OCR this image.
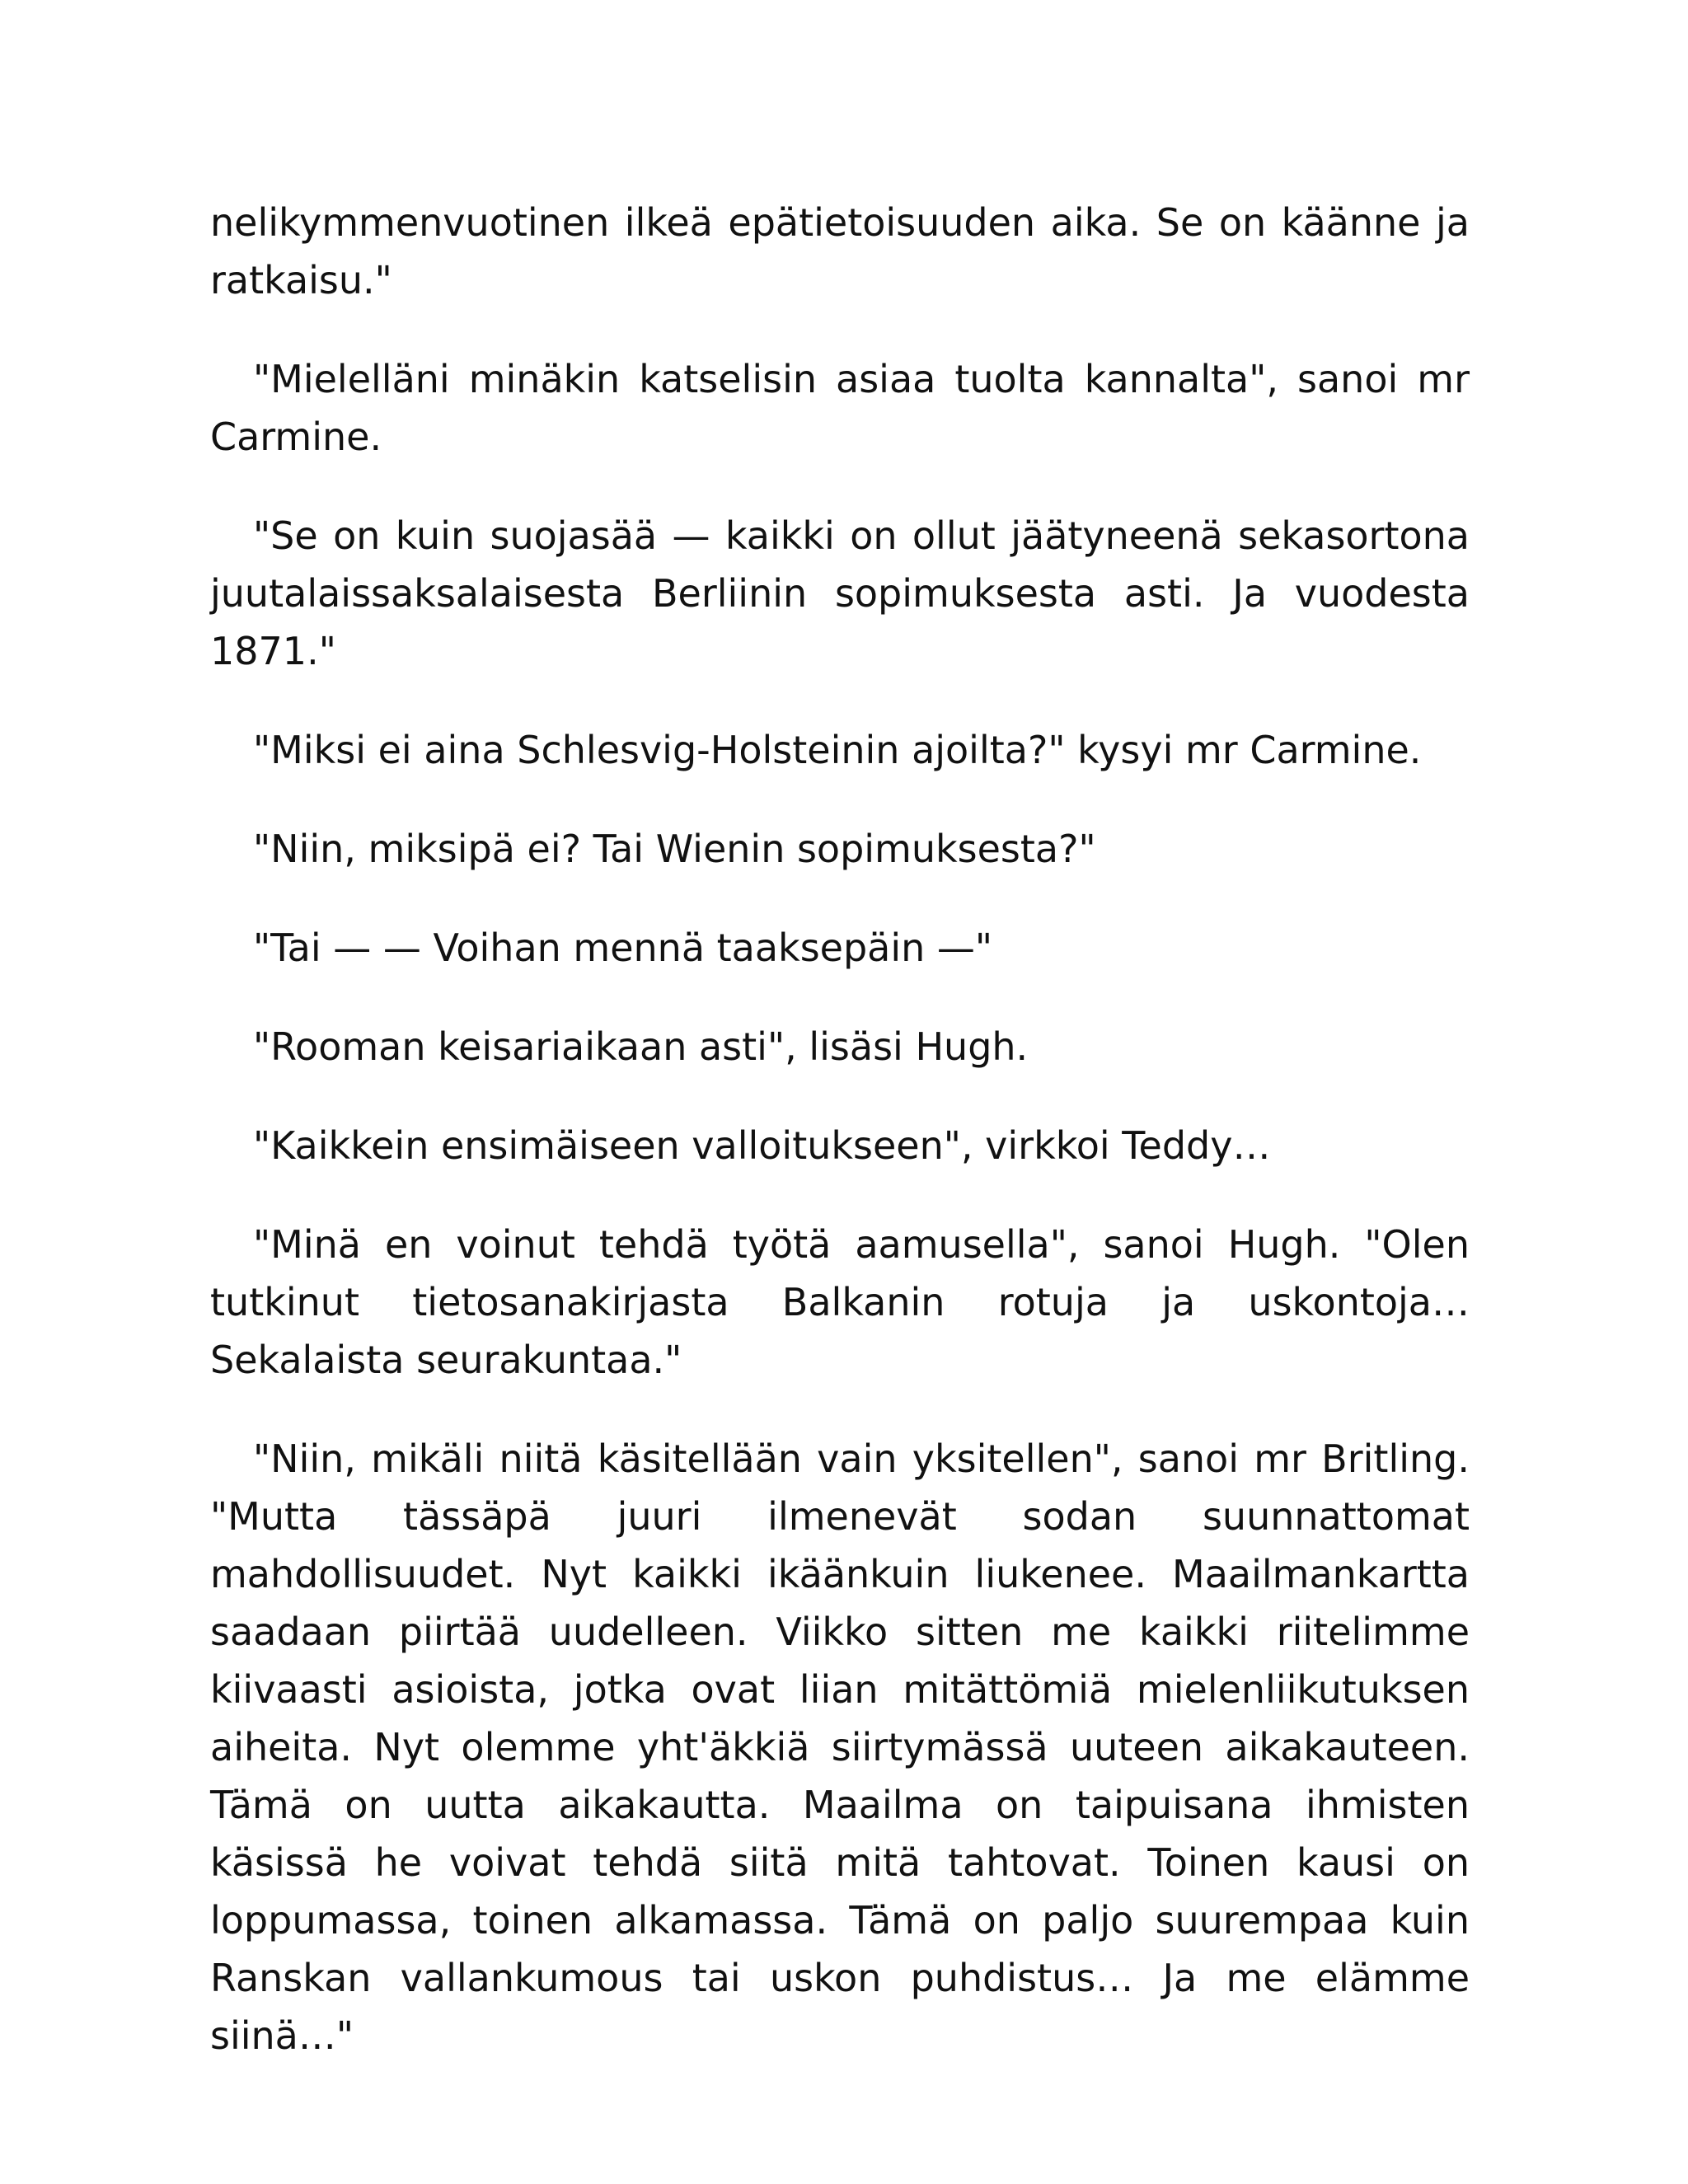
nelikymmenvuotinen ilkeä epätietoisuuden aika. Se on käänne ja ratkaisu."

"Mielelläni minäkin katselisin asiaa tuolta kannalta", sanoi mr Carmine.

"Se on kuin suojasää — kaikki on ollut jäätyneenä sekasortona juutalaissaksalaisesta Berliinin sopimuksesta asti. Ja vuodesta 1871."

"Miksi ei aina Schlesvig-Holsteinin ajoilta?" kysyi mr Carmine.

"Niin, miksipä ei? Tai Wienin sopimuksesta?"

"Tai — — Voihan mennä taaksepäin —"

"Rooman keisariaikaan asti", lisäsi Hugh.

"Kaikkein ensimäiseen valloitukseen", virkkoi Teddy…

"Minä en voinut tehdä työtä aamusella", sanoi Hugh. "Olen tutkinut tietosanakirjasta Balkanin rotuja ja uskontoja… Sekalaista seurakuntaa."

"Niin, mikäli niitä käsitellään vain yksitellen", sanoi mr Britling. "Mutta tässäpä juuri ilmenevät sodan suunnattomat mahdollisuudet. Nyt kaikki ikäänkuin liukenee. Maailmankartta saadaan piirtää uudelleen. Viikko sitten me kaikki riitelimme kiivaasti asioista, jotka ovat liian mitättömiä mielenliikutuksen aiheita. Nyt olemme yht'äkkiä siirtymässä uuteen aikakauteen. Tämä on uutta aikakautta. Maailma on taipuisana ihmisten käsissä he voivat tehdä siitä mitä tahtovat. Toinen kausi on loppumassa, toinen alkamassa. Tämä on paljo suurempaa kuin Ranskan vallankumous tai uskon puhdistus… Ja me elämme siinä…"
